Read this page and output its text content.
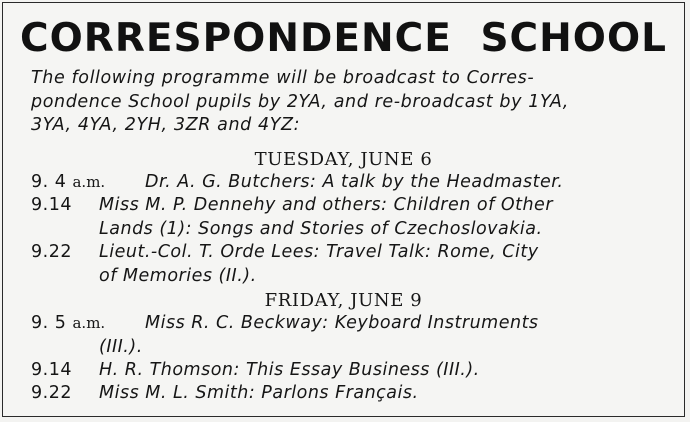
CORRESPONDENCE SCHOOL
The following programme will be broadcast to Corres-
pondence School pupils by 2YA, and re-broadcast by 1YA,
3YA, 4YA, 2YH, 3ZR and 4YZ:
TUESDAY, JUNE 6
9. 4 a.m. Dr. A. G. Butchers: A talk by the Headmaster.
9.14 Miss M. P. Dennehy and others: Children of Other
Lands (1): Songs and Stories of Czechoslovakia.
9.22 Lieut.-Col. T. Orde Lees: Travel Talk: Rome, City
of Memories (II.).
FRIDAY, JUNE 9
9. 5 a.m. Miss R. C. Beckway: Keyboard Instruments
(III.).
9.14 H. R. Thomson: This Essay Business (III.).
9.22 Miss M. L. Smith: Parlons Français.
